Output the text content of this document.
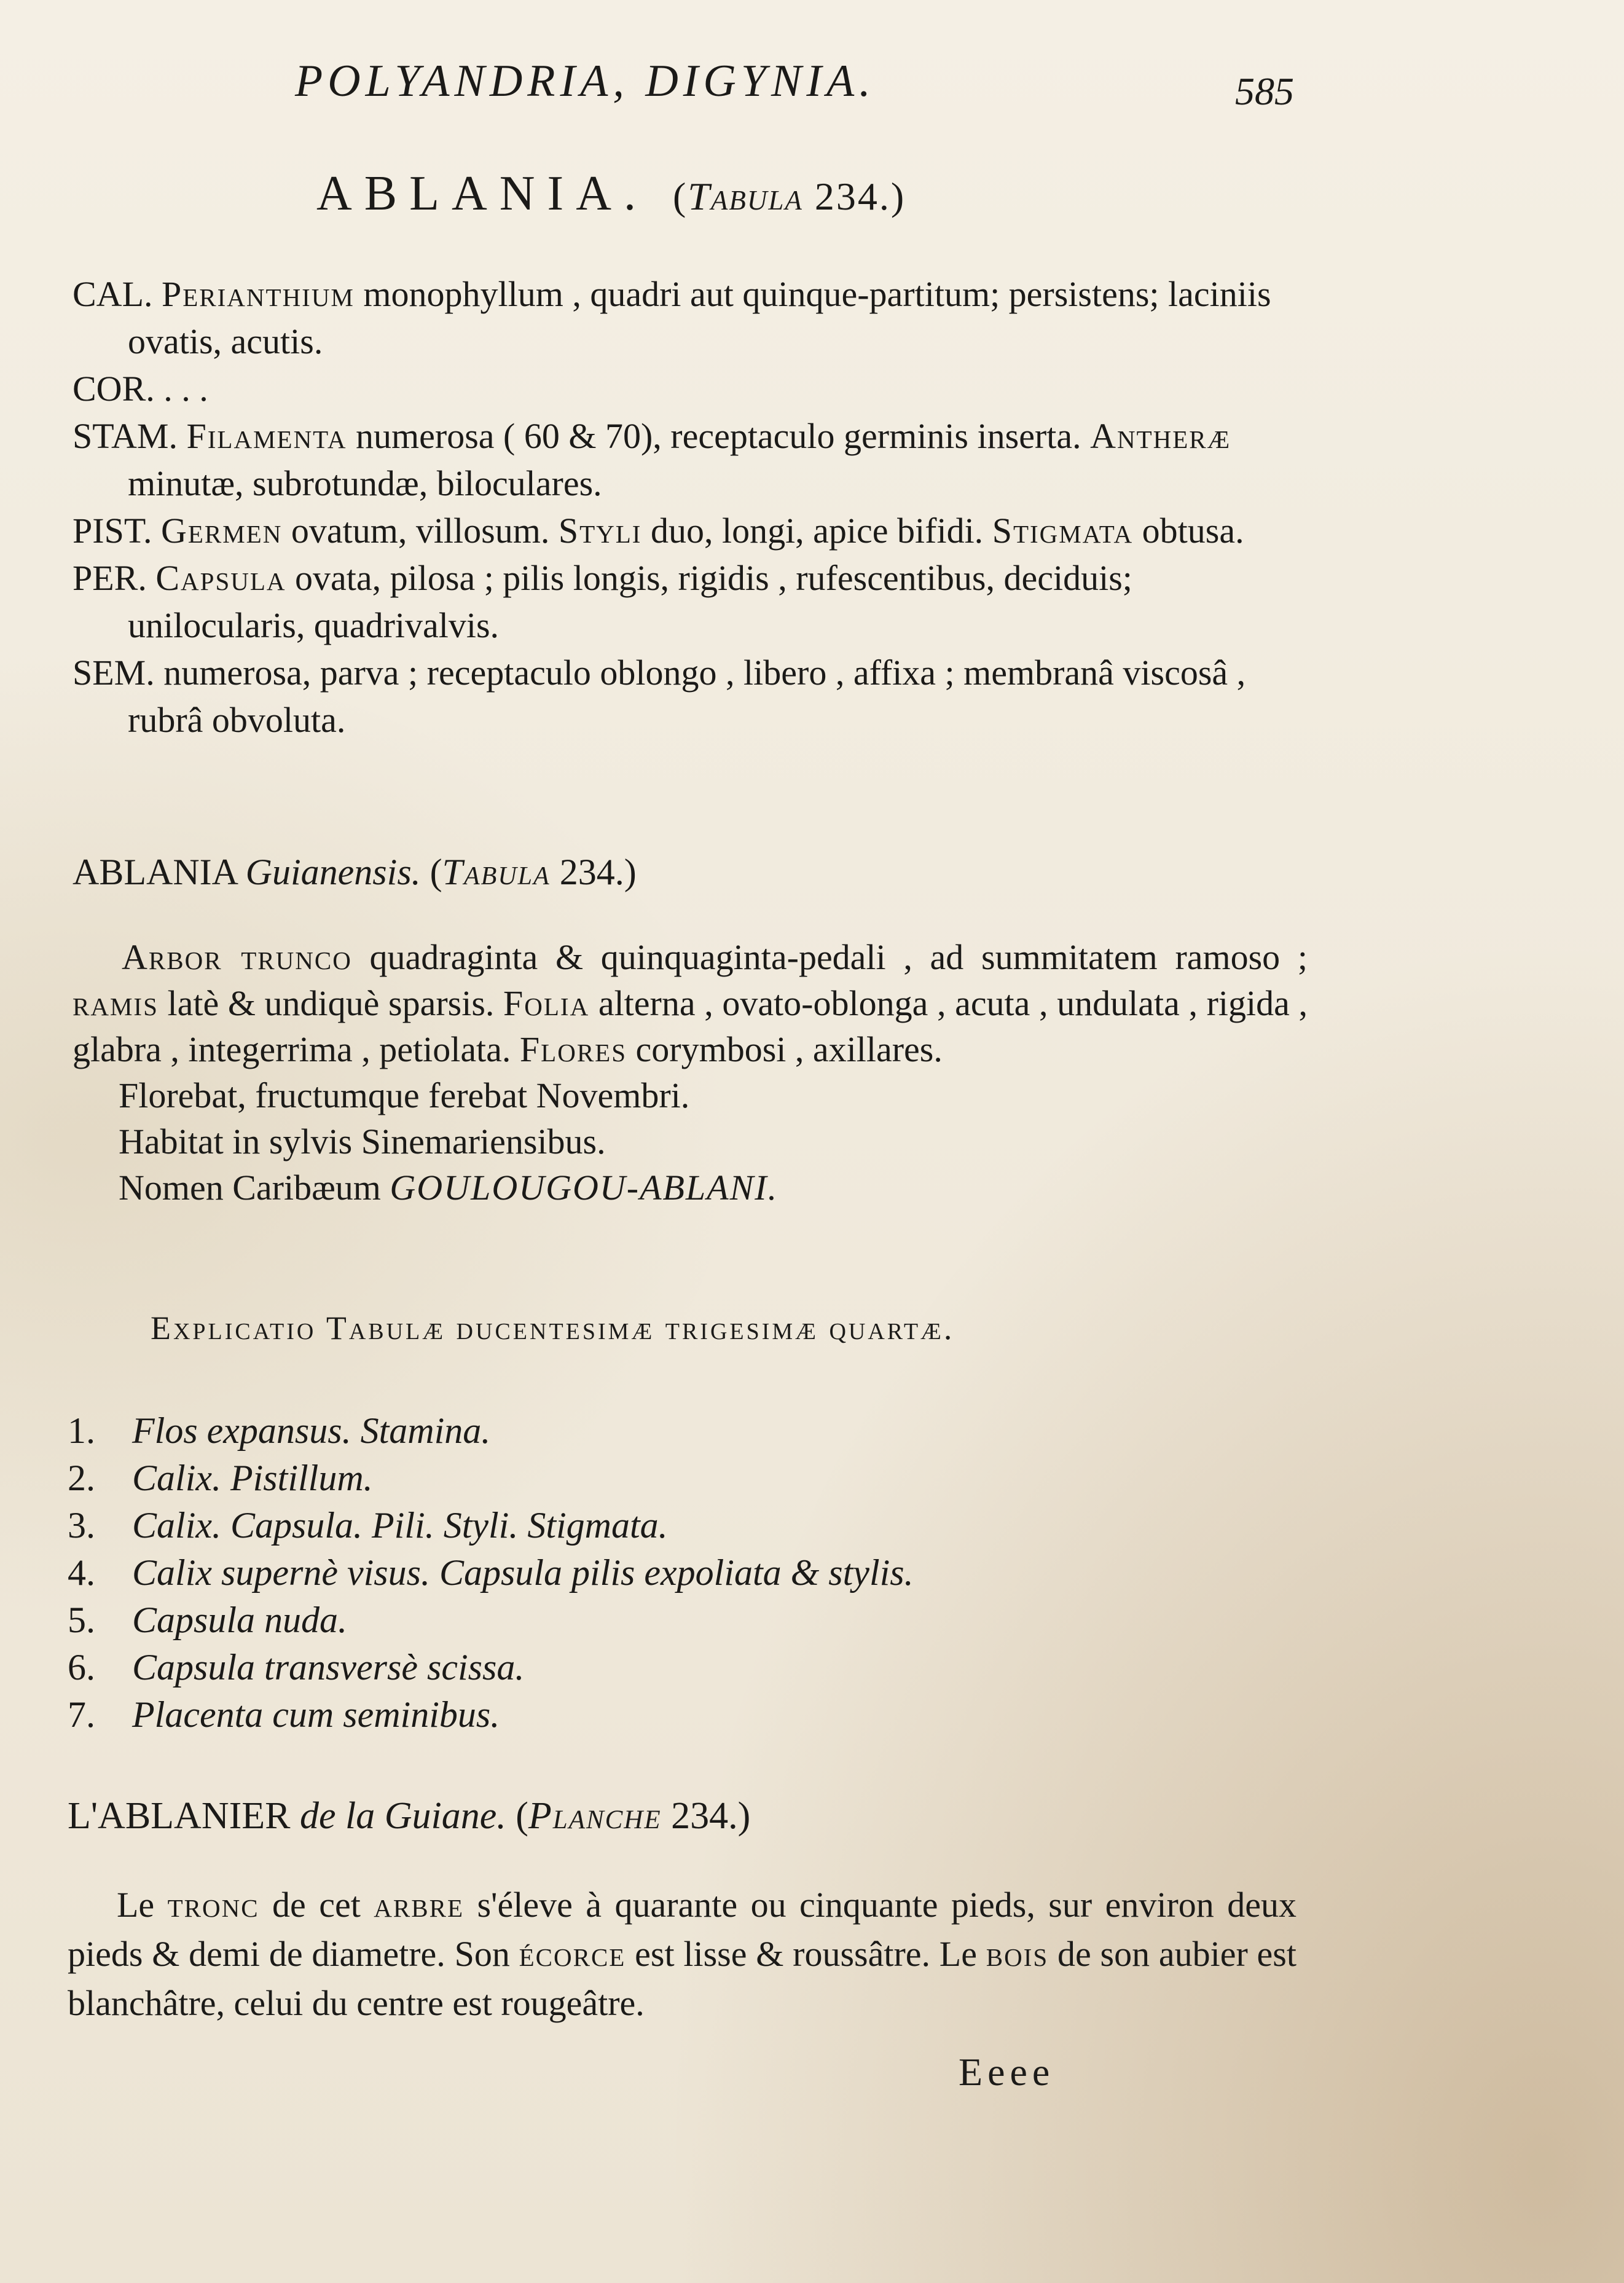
POLYANDRIA, DIGYNIA.	585
ABLANIA. (Tabula 234.)

CAL. Perianthium monophyllum , quadri aut quinque-partitum; persistens; laciniis ovatis, acutis.

COR. . . .

STAM. Filamenta numerosa ( 60 & 70), receptaculo germinis inserta. Antheræ minutæ, subrotundæ, biloculares.

PIST. Germen ovatum, villosum. Styli duo, longi, apice bifidi. Stigmata obtusa.

PER. Capsula ovata, pilosa ; pilis longis, rigidis , rufescentibus, deciduis; unilocularis, quadrivalvis.

SEM. numerosa, parva ; receptaculo oblongo , libero , affixa ; membranâ viscosâ , rubrâ obvoluta.

ABLANIA Guianensis. (Tabula 234.)

Arbor trunco quadraginta & quinquaginta-pedali , ad summitatem ramoso ; ramis latè & undiquè sparsis. Folia alterna , ovato-oblonga , acuta , undulata , rigida , glabra , integerrima , petiolata. Flores corymbosi , axillares.

Florebat, fructumque ferebat Novembri.

Habitat in sylvis Sinemariensibus.

Nomen Caribæum GOULOUGOU-ABLANI.

Explicatio Tabulæ ducentesimæ trigesimæ quartæ.
1.	Flos expansus. Stamina.
2.	Calix. Pistillum.
3.	Calix. Capsula. Pili. Styli. Stigmata.
4.	Calix supernè visus. Capsula pilis expoliata & stylis.
5.	Capsula nuda.
6.	Capsula transversè scissa.
7.	Placenta cum seminibus.
L'ABLANIER de la Guiane. (Planche 234.)

Le tronc de cet arbre s'éleve à quarante ou cinquante pieds, sur environ deux pieds & demi de diametre. Son écorce est lisse & roussâtre. Le bois de son aubier est blanchâtre, celui du centre est rougeâtre.

Eeee
